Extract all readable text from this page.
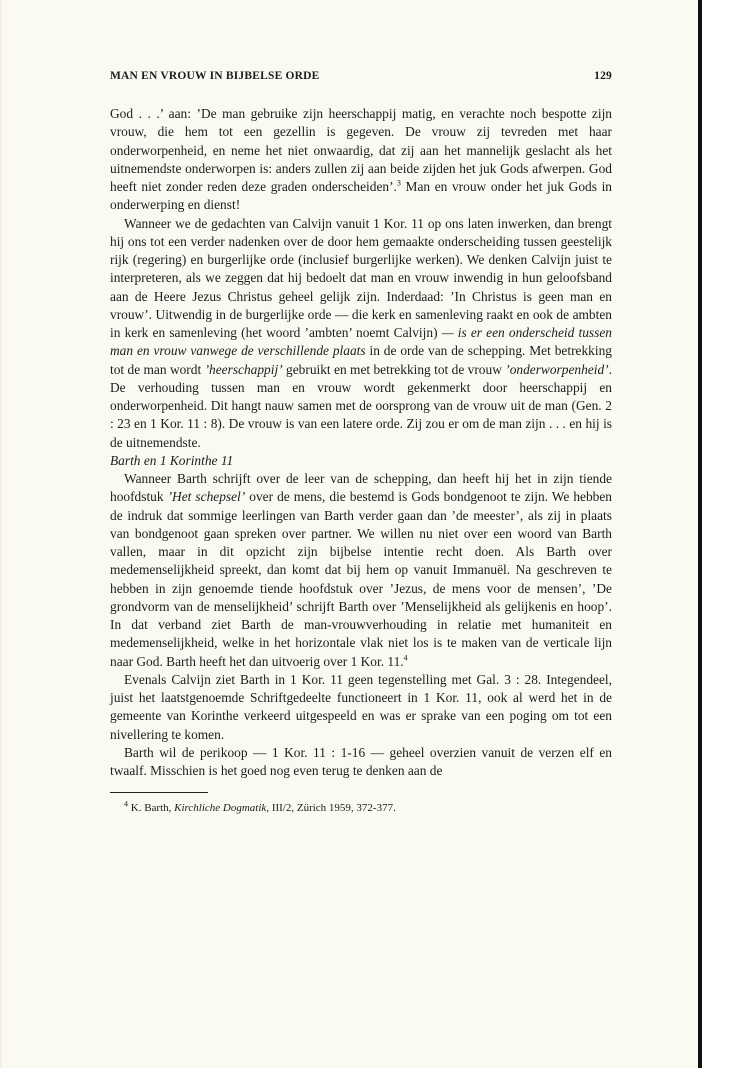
MAN EN VROUW IN BIJBELSE ORDE	129

God . . .’ aan: ’De man gebruike zijn heerschappij matig, en verachte noch bespotte zijn vrouw, die hem tot een gezellin is gegeven. De vrouw zij tevreden met haar onderworpenheid, en neme het niet onwaardig, dat zij aan het mannelijk geslacht als het uitnemendste onderworpen is: anders zullen zij aan beide zijden het juk Gods afwerpen. God heeft niet zonder reden deze graden onderscheiden’.$^3$ Man en vrouw onder het juk Gods in onderwerping en dienst!

Wanneer we de gedachten van Calvijn vanuit 1 Kor. 11 op ons laten inwerken, dan brengt hij ons tot een verder nadenken over de door hem gemaakte onderscheiding tussen geestelijk rijk (regering) en burgerlijke orde (inclusief burgerlijke werken). We denken Calvijn juist te interpreteren, als we zeggen dat hij bedoelt dat man en vrouw inwendig in hun geloofsband aan de Heere Jezus Christus geheel gelijk zijn. Inderdaad: ’In Christus is geen man en vrouw’. Uitwendig in de burgerlijke orde — die kerk en samenleving raakt en ook de ambten in kerk en samenleving (het woord ’ambten’ noemt Calvijn) — is er een onderscheid tussen man en vrouw vanwege de verschillende plaats in de orde van de schepping. Met betrekking tot de man wordt ’heerschappij’ gebruikt en met betrekking tot de vrouw ’onderworpenheid’. De verhouding tussen man en vrouw wordt gekenmerkt door heerschappij en onderworpenheid. Dit hangt nauw samen met de oorsprong van de vrouw uit de man (Gen. 2 : 23 en 1 Kor. 11 : 8). De vrouw is van een latere orde. Zij zou er om de man zijn . . . en hij is de uitnemendste.

Barth en 1 Korinthe 11

Wanneer Barth schrijft over de leer van de schepping, dan heeft hij het in zijn tiende hoofdstuk ’Het schepsel’ over de mens, die bestemd is Gods bondgenoot te zijn. We hebben de indruk dat sommige leerlingen van Barth verder gaan dan ’de meester’, als zij in plaats van bondgenoot gaan spreken over partner. We willen nu niet over een woord van Barth vallen, maar in dit opzicht zijn bijbelse intentie recht doen. Als Barth over medemenselijkheid spreekt, dan komt dat bij hem op vanuit Immanuël. Na geschreven te hebben in zijn genoemde tiende hoofdstuk over ’Jezus, de mens voor de mensen’, ’De grondvorm van de menselijkheid’ schrijft Barth over ’Menselijkheid als gelijkenis en hoop’. In dat verband ziet Barth de man-vrouwverhouding in relatie met humaniteit en medemenselijkheid, welke in het horizontale vlak niet los is te maken van de verticale lijn naar God. Barth heeft het dan uitvoerig over 1 Kor. 11.$^4$

Evenals Calvijn ziet Barth in 1 Kor. 11 geen tegenstelling met Gal. 3 : 28. Integendeel, juist het laatstgenoemde Schriftgedeelte functioneert in 1 Kor. 11, ook al werd het in de gemeente van Korinthe verkeerd uitgespeeld en was er sprake van een poging om tot een nivellering te komen.

Barth wil de perikoop — 1 Kor. 11 : 1-16 — geheel overzien vanuit de verzen elf en twaalf. Misschien is het goed nog even terug te denken aan de

$^4$ K. Barth, Kirchliche Dogmatik, III/2, Zürich 1959, 372-377.
